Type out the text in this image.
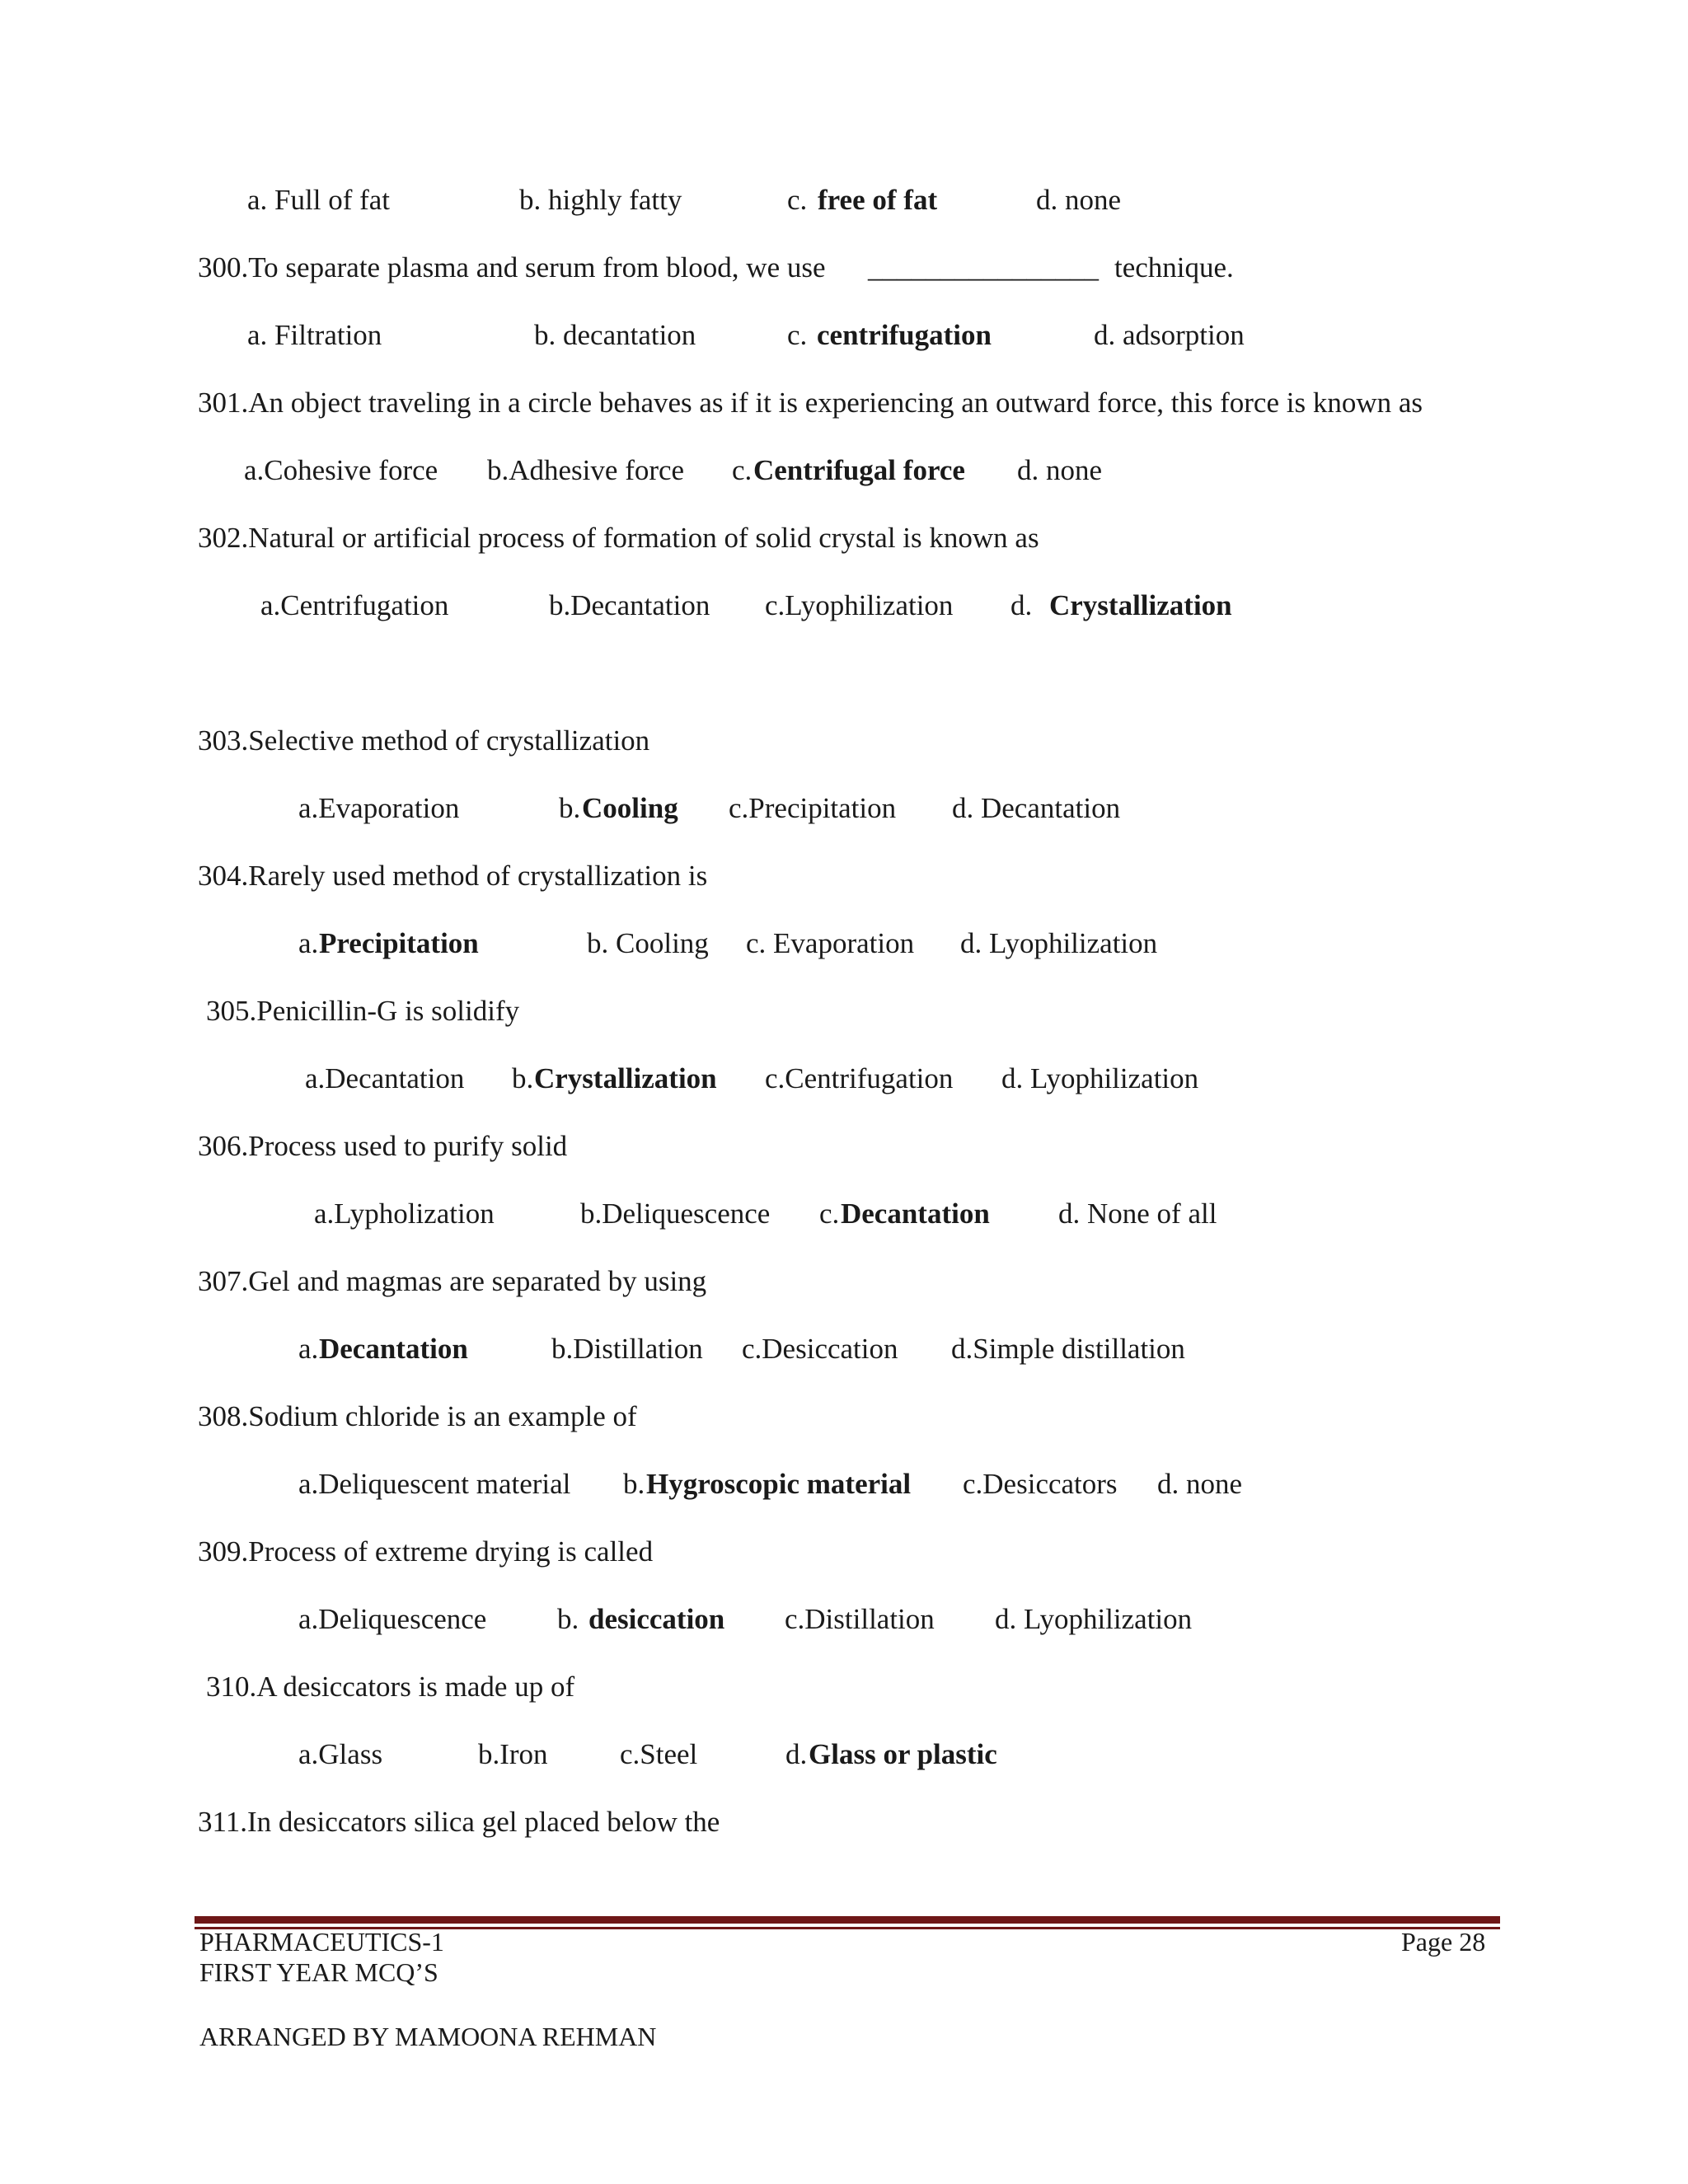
a. Full of fat	b. highly fatty	c. free of fat	d. none
300.To separate plasma and serum from blood, we use ________________ technique.
a. Filtration	b. decantation	c. centrifugation	d. adsorption
301.An object traveling in a circle behaves as if it is experiencing an outward force, this force is known as
a.Cohesive force b.Adhesive force c. Centrifugal force d. none
302.Natural or artificial process of formation of solid crystal is known as
a.Centrifugation	b.Decantation c.Lyophilization d. Crystallization
303.Selective method of crystallization
a.Evaporation	b. Cooling c.Precipitation d. Decantation
304.Rarely used method of crystallization is
a. Precipitation	b. Cooling c. Evaporation d. Lyophilization
305.Penicillin-G is solidify
a.Decantation b. Crystallization c.Centrifugation d. Lyophilization
306.Process used to purify solid
a.Lypholization	b.Deliquescence c. Decantation d. None of all
307.Gel and magmas are separated by using
a. Decantation	b.Distillation c.Desiccation d.Simple distillation
308.Sodium chloride is an example of
a.Deliquescent material b. Hygroscopic material c.Desiccators d. none
309.Process of extreme drying is called
a.Deliquescence b. desiccation c.Distillation d. Lyophilization
310.A desiccators is made up of
a.Glass	b.Iron c.Steel	d. Glass or plastic
311.In desiccators silica gel placed below the
PHARMACEUTICS-1
FIRST YEAR MCQ’S
ARRANGED BY MAMOONA REHMAN
Page 28
